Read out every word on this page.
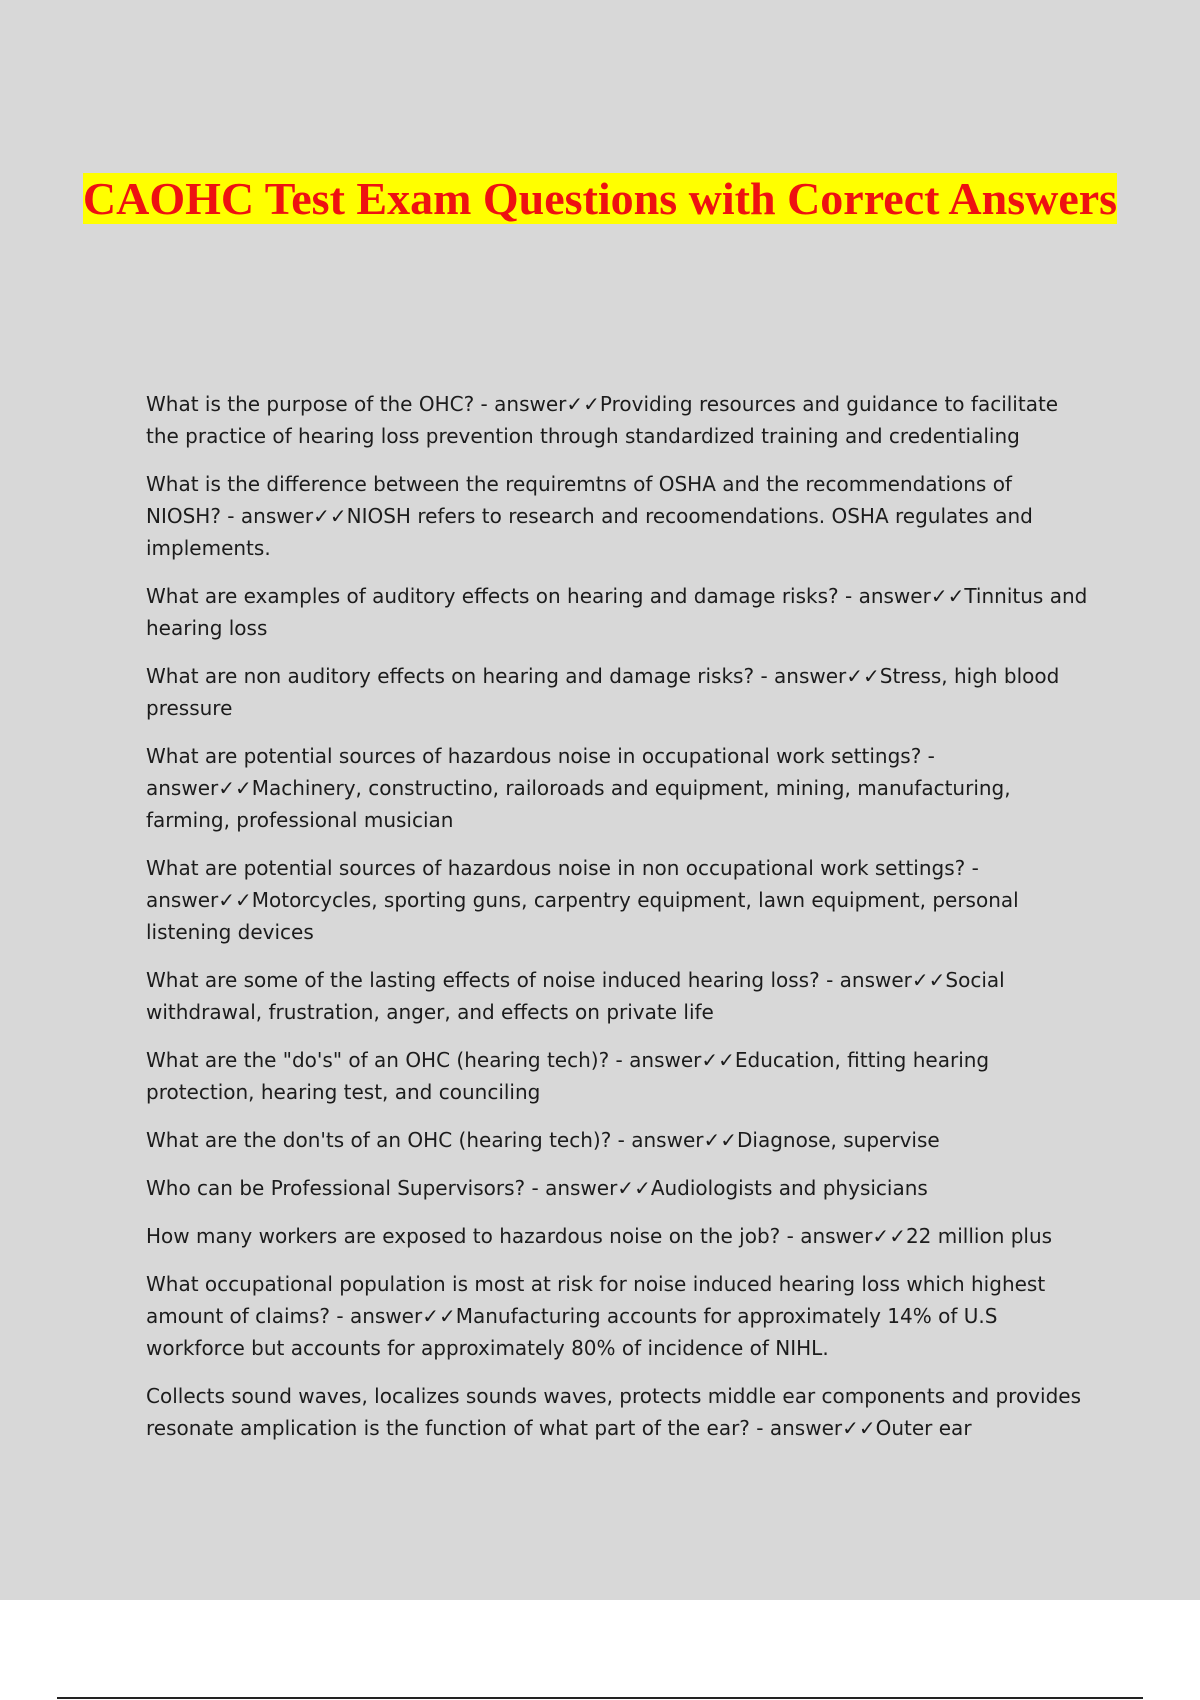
CAOHC Test Exam Questions with Correct Answers

What is the purpose of the OHC? - answer✓✓Providing resources and guidance to facilitate the practice of hearing loss prevention through standardized training and credentialing

What is the difference between the requiremtns of OSHA and the recommendations of NIOSH? - answer✓✓NIOSH refers to research and recoomendations. OSHA regulates and implements.

What are examples of auditory effects on hearing and damage risks? - answer✓✓Tinnitus and hearing loss

What are non auditory effects on hearing and damage risks? - answer✓✓Stress, high blood pressure

What are potential sources of hazardous noise in occupational work settings? - answer✓✓Machinery, constructino, railoroads and equipment, mining, manufacturing, farming, professional musician

What are potential sources of hazardous noise in non occupational work settings? - answer✓✓Motorcycles, sporting guns, carpentry equipment, lawn equipment, personal listening devices

What are some of the lasting effects of noise induced hearing loss? - answer✓✓Social withdrawal, frustration, anger, and effects on private life

What are the "do's" of an OHC (hearing tech)? - answer✓✓Education, fitting hearing protection, hearing test, and counciling

What are the don'ts of an OHC (hearing tech)? - answer✓✓Diagnose, supervise

Who can be Professional Supervisors? - answer✓✓Audiologists and physicians

How many workers are exposed to hazardous noise on the job? - answer✓✓22 million plus

What occupational population is most at risk for noise induced hearing loss which highest amount of claims? - answer✓✓Manufacturing accounts for approximately 14% of U.S workforce but accounts for approximately 80% of incidence of NIHL.

Collects sound waves, localizes sounds waves, protects middle ear components and provides resonate amplication is the function of what part of the ear? - answer✓✓Outer ear
